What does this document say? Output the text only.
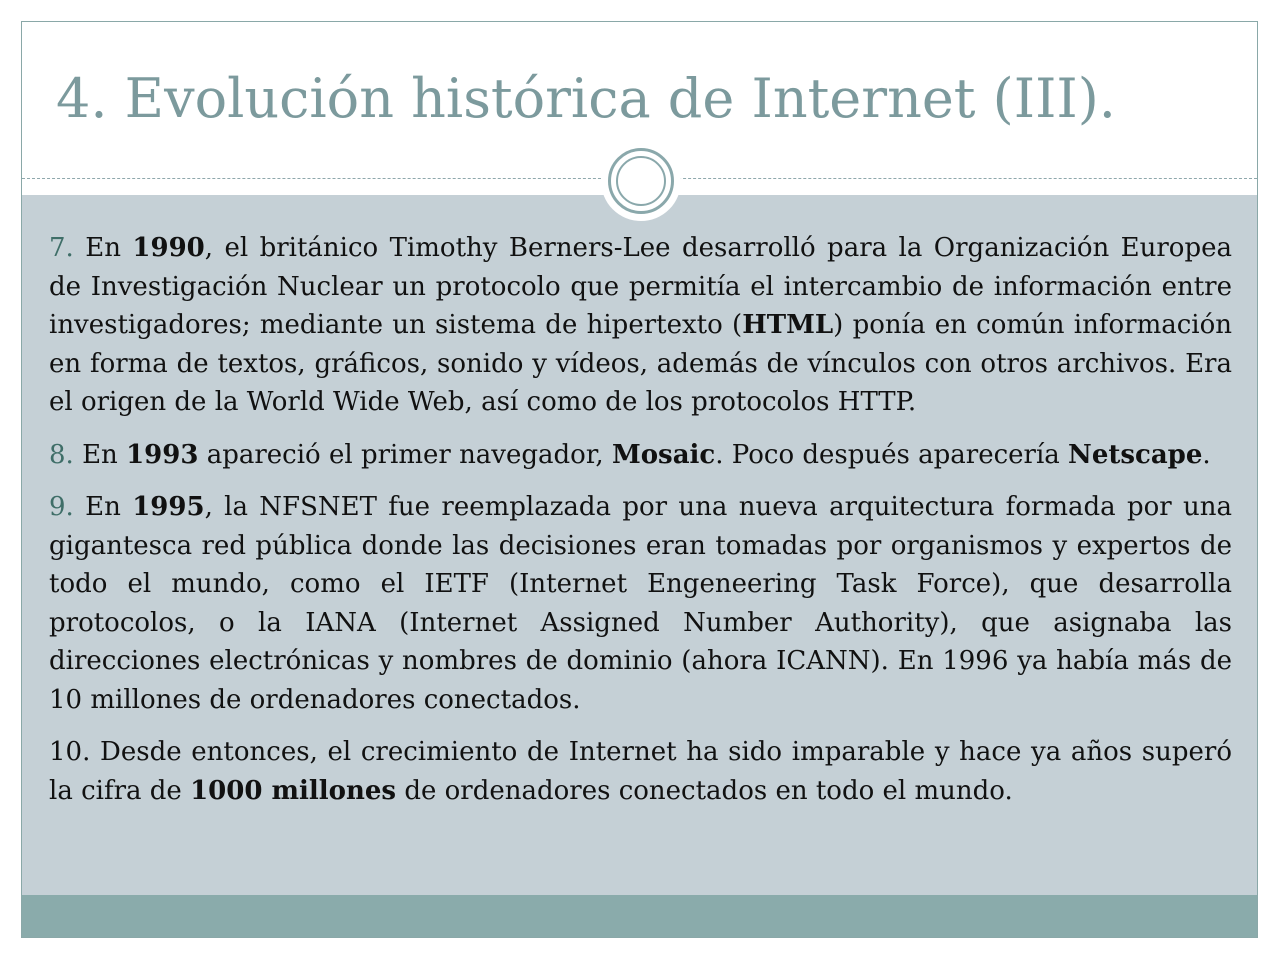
4. Evolución histórica de Internet (III).

7. En 1990, el británico Timothy Berners-Lee desarrolló para la Organización Europea de Investigación Nuclear un protocolo que permitía el intercambio de información entre investigadores; mediante un sistema de hipertexto (HTML) ponía en común información en forma de textos, gráficos, sonido y vídeos, además de vínculos con otros archivos. Era el origen de la World Wide Web, así como de los protocolos HTTP.

8. En 1993 apareció el primer navegador, Mosaic. Poco después aparecería Netscape.

9. En 1995, la NFSNET fue reemplazada por una nueva arquitectura formada por una gigantesca red pública donde las decisiones eran tomadas por organismos y expertos de todo el mundo, como el IETF (Internet Engeneering Task Force), que desarrolla protocolos, o la IANA (Internet Assigned Number Authority), que asignaba las direcciones electrónicas y nombres de dominio (ahora ICANN). En 1996 ya había más de 10 millones de ordenadores conectados.

10. Desde entonces, el crecimiento de Internet ha sido imparable y hace ya años superó la cifra de 1000 millones de ordenadores conectados en todo el mundo.
